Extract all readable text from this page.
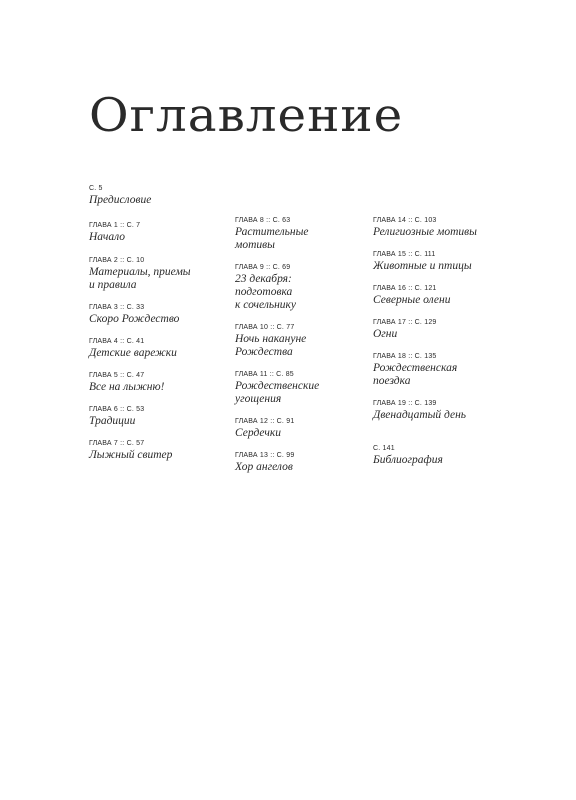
Оглавление
С. 5
Предисловие
ГЛАВА 1 :: С. 7
Начало
ГЛАВА 2 :: С. 10
Материалы, приемы
и правила
ГЛАВА 3 :: С. 33
Скоро Рождество
ГЛАВА 4 :: С. 41
Детские варежки
ГЛАВА 5 :: С. 47
Все на лыжню!
ГЛАВА 6 :: С. 53
Традиции
ГЛАВА 7 :: С. 57
Лыжный свитер
ГЛАВА 8 :: С. 63
Растительные
мотивы
ГЛАВА 9 :: С. 69
23 декабря:
подготовка
к сочельнику
ГЛАВА 10 :: С. 77
Ночь накануне
Рождества
ГЛАВА 11 :: С. 85
Рождественские
угощения
ГЛАВА 12 :: С. 91
Сердечки
ГЛАВА 13 :: С. 99
Хор ангелов
ГЛАВА 14 :: С. 103
Религиозные мотивы
ГЛАВА 15 :: С. 111
Животные и птицы
ГЛАВА 16 :: С. 121
Северные олени
ГЛАВА 17 :: С. 129
Огни
ГЛАВА 18 :: С. 135
Рождественская
поездка
ГЛАВА 19 :: С. 139
Двенадцатый день
С. 141
Библиография
